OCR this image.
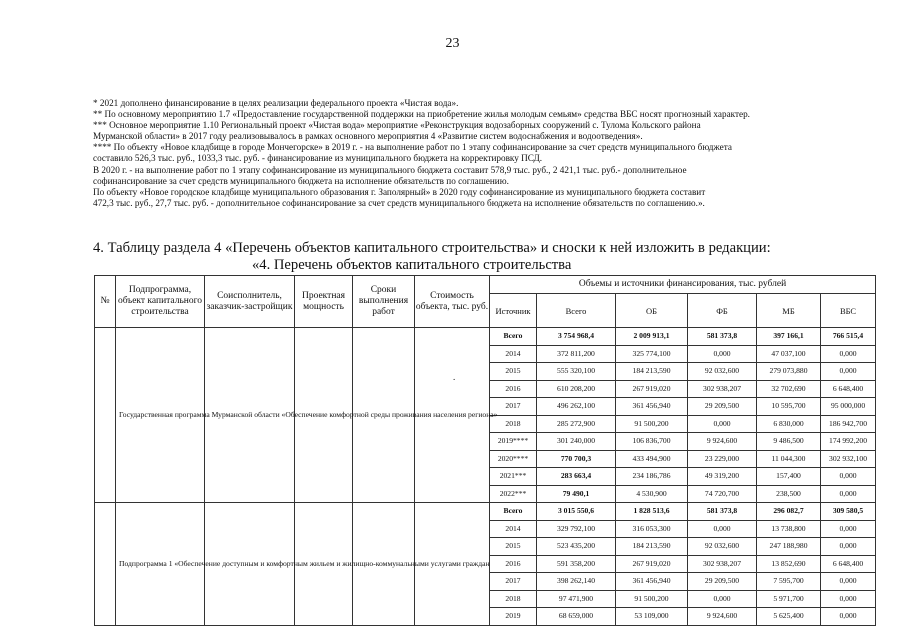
23
* 2021 дополнено финансирование в целях реализации федерального проекта «Чистая вода».
** По основному мероприятию 1.7 «Предоставление государственной поддержки на приобретение жилья молодым семьям» средства ВБС носят прогнозный характер.
*** Основное мероприятие 1.10 Региональный проект «Чистая вода» мероприятие «Реконструкция водозаборных сооружений с. Тулома Кольского района
Мурманской области» в 2017 году реализовывалось в рамках основного мероприятия 4 «Развитие систем водоснабжения и водоотведения».
**** По объекту «Новое кладбище в городе Мончегорске» в 2019 г. - на выполнение работ по 1 этапу софинансирование за счет средств муниципального бюджета
составило 526,3 тыс. руб., 1033,3 тыс. руб. - финансирование из муниципального бюджета на корректировку ПСД.
В 2020 г. - на выполнение работ по 1 этапу софинансирование из муниципального бюджета составит 578,9 тыс. руб., 2 421,1 тыс. руб.- дополнительное
софинансирование за счет средств муниципального бюджета на исполнение обязательств по соглашению.
По объекту «Новое городское кладбище муниципального образования г. Заполярный» в 2020 году софинансирование из муниципального бюджета составит
472,3 тыс. руб., 27,7 тыс. руб. - дополнительное софинансирование за счет средств муниципального бюджета на исполнение обязательств по соглашению.».
4. Таблицу раздела 4 «Перечень объектов капитального строительства» и сноски к ней изложить в редакции:
«4. Перечень объектов капитального строительства
.
№	Подпрограмма, объект капитального строительства	Соисполнитель, заказчик-застройщик	Проектная мощность	Сроки выполнения работ	Стоимость объекта, тыс. руб.	Объемы и источники финансирования, тыс. рублей					
						Источник	Всего	ОБ	ФБ	МБ	ВБС
	Государственная программа Мурманской области «Обеспечение комфортной среды проживания населения региона»					Всего	3 754 968,4	2 009 913,1	581 373,8	397 166,1	766 515,4
						2014	372 811,200	325 774,100	0,000	47 037,100	0,000
						2015	555 320,100	184 213,590	92 032,600	279 073,880	0,000
						2016	610 208,200	267 919,020	302 938,207	32 702,690	6 648,400
						2017	496 262,100	361 456,940	29 209,500	10 595,700	95 000,000
						2018	285 272,900	91 500,200	0,000	6 830,000	186 942,700
						2019****	301 240,000	106 836,700	9 924,600	9 486,500	174 992,200
						2020****	770 700,3	433 494,900	23 229,000	11 044,300	302 932,100
						2021***	283 663,4	234 186,786	49 319,200	157,400	0,000
						2022***	79 490,1	4 530,900	74 720,700	238,500	0,000
	Подпрограмма 1 «Обеспечение доступным и комфортным жильем и жилищно-коммунальными услугами граждан					Всего	3 015 550,6	1 828 513,6	581 373,8	296 082,7	309 580,5
						2014	329 792,100	316 053,300	0,000	13 738,800	0,000
						2015	523 435,200	184 213,590	92 032,600	247 188,980	0,000
						2016	591 358,200	267 919,020	302 938,207	13 852,690	6 648,400
						2017	398 262,140	361 456,940	29 209,500	7 595,700	0,000
						2018	97 471,900	91 500,200	0,000	5 971,700	0,000
						2019	68 659,000	53 109,000	9 924,600	5 625,400	0,000
